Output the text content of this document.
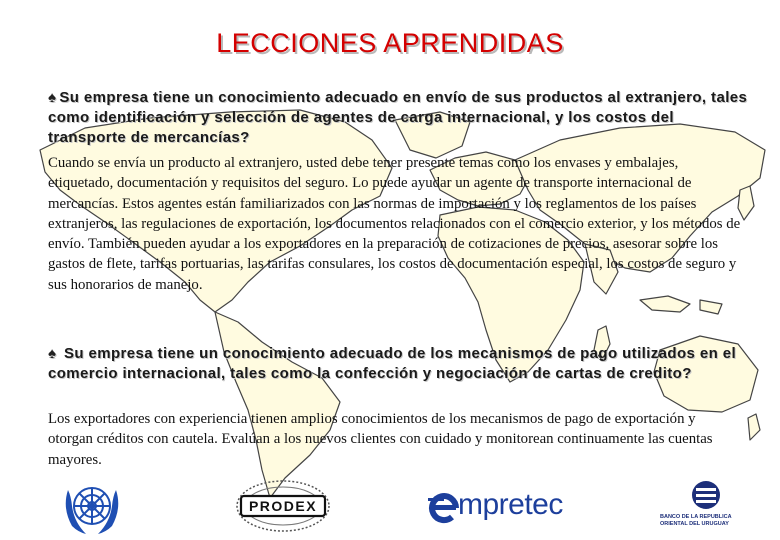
LECCIONES APRENDIDAS
♠ Su empresa tiene un conocimiento adecuado en envío de sus productos al extranjero, tales como identificación y selección de agentes de carga internacional, y los costos del transporte de mercancías?
Cuando se envía un producto al extranjero, usted debe tener presente temas como los envases y embalajes, etiquetado, documentación y requisitos del seguro. Lo puede ayudar un agente de transporte internacional de mercancías. Estos agentes están familiarizados con las normas de importación y los reglamentos de los países extranjeros, las regulaciones de exportación, los documentos relacionados con el comercio exterior, y los métodos de envío. También pueden ayudar a los exportadores en la preparación de cotizaciones de precios, asesorar sobre los gastos de flete, tarifas portuarias, las tarifas consulares, los costos de documentación especial, los costos de seguro y sus honorarios de manejo.
♠ Su empresa tiene un conocimiento adecuado de los mecanismos de pago utilizados en el comercio internacional, tales como la confección y negociación de cartas de credito?
Los exportadores con experiencia tienen amplios conocimientos de los mecanismos de pago de exportación y otorgan créditos con cautela. Evalúan a los nuevos clientes con cuidado y monitorean continuamente las cuentas mayores.
PRODEX	mpretec	BANCO DE LA REPUBLICA
ORIENTAL DEL URUGUAY
